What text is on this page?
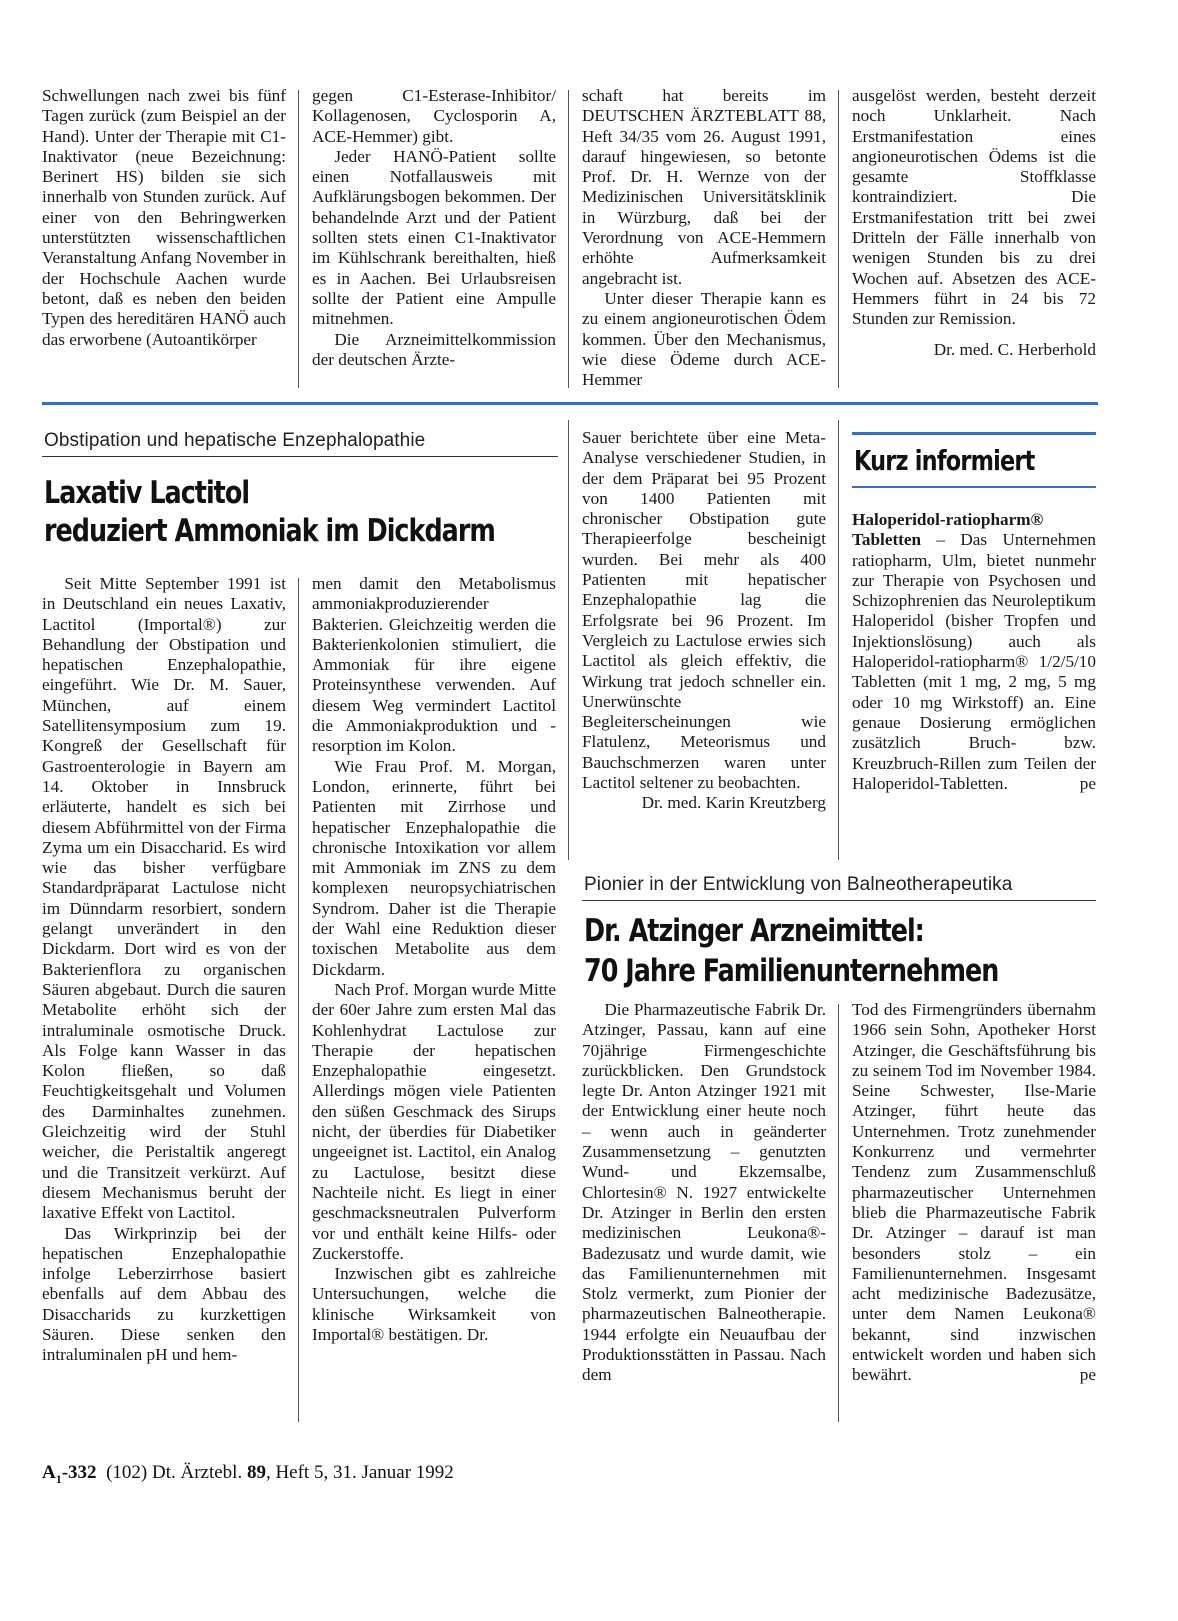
Schwellungen nach zwei bis fünf Tagen zurück (zum Beispiel an der Hand). Unter der Therapie mit C1-Inaktivator (neue Bezeichnung: Berinert HS) bilden sie sich innerhalb von Stunden zurück. Auf einer von den Behringwerken unterstützten wissenschaftlichen Veranstaltung Anfang November in der Hochschule Aachen wurde betont, daß es neben den beiden Typen des hereditären HANÖ auch das erworbene (Autoantikörper

gegen C1-Esterase-Inhibitor/ Kollagenosen, Cyclosporin A, ACE-Hemmer) gibt.

Jeder HANÖ-Patient sollte einen Notfallausweis mit Aufklärungsbogen bekommen. Der behandelnde Arzt und der Patient sollten stets einen C1-Inaktivator im Kühlschrank bereithalten, hieß es in Aachen. Bei Urlaubsreisen sollte der Patient eine Ampulle mitnehmen.

Die Arzneimittelkommission der deutschen Ärzte-

schaft hat bereits im DEUTSCHEN ÄRZTEBLATT 88, Heft 34/35 vom 26. August 1991, darauf hingewiesen, so betonte Prof. Dr. H. Wernze von der Medizinischen Universitätsklinik in Würzburg, daß bei der Verordnung von ACE-Hemmern erhöhte Aufmerksamkeit angebracht ist.

Unter dieser Therapie kann es zu einem angioneurotischen Ödem kommen. Über den Mechanismus, wie diese Ödeme durch ACE-Hemmer

ausgelöst werden, besteht derzeit noch Unklarheit. Nach Erstmanifestation eines angioneurotischen Ödems ist die gesamte Stoffklasse kontraindiziert. Die Erstmanifestation tritt bei zwei Dritteln der Fälle innerhalb von wenigen Stunden bis zu drei Wochen auf. Absetzen des ACE-Hemmers führt in 24 bis 72 Stunden zur Remission.

Dr. med. C. Herberhold

Obstipation und hepatische Enzephalopathie
Laxativ Lactitol
reduziert Ammoniak im Dickdarm

Seit Mitte September 1991 ist in Deutschland ein neues Laxativ, Lactitol (Importal®) zur Behandlung der Obstipation und hepatischen Enzephalopathie, eingeführt. Wie Dr. M. Sauer, München, auf einem Satellitensymposium zum 19. Kongreß der Gesellschaft für Gastroenterologie in Bayern am 14. Oktober in Innsbruck erläuterte, handelt es sich bei diesem Abführmittel von der Firma Zyma um ein Disaccharid. Es wird wie das bisher verfügbare Standardpräparat Lactulose nicht im Dünndarm resorbiert, sondern gelangt unverändert in den Dickdarm. Dort wird es von der Bakterienflora zu organischen Säuren abgebaut. Durch die sauren Metabolite erhöht sich der intraluminale osmotische Druck. Als Folge kann Wasser in das Kolon fließen, so daß Feuchtigkeitsgehalt und Volumen des Darminhaltes zunehmen. Gleichzeitig wird der Stuhl weicher, die Peristaltik angeregt und die Transitzeit verkürzt. Auf diesem Mechanismus beruht der laxative Effekt von Lactitol.

Das Wirkprinzip bei der hepatischen Enzephalopathie infolge Leberzirrhose basiert ebenfalls auf dem Abbau des Disaccharids zu kurzkettigen Säuren. Diese senken den intraluminalen pH und hem-

men damit den Metabolismus ammoniakproduzierender Bakterien. Gleichzeitig werden die Bakterienkolonien stimuliert, die Ammoniak für ihre eigene Proteinsynthese verwenden. Auf diesem Weg vermindert Lactitol die Ammoniakproduktion und -resorption im Kolon.

Wie Frau Prof. M. Morgan, London, erinnerte, führt bei Patienten mit Zirrhose und hepatischer Enzephalopathie die chronische Intoxikation vor allem mit Ammoniak im ZNS zu dem komplexen neuropsychiatrischen Syndrom. Daher ist die Therapie der Wahl eine Reduktion dieser toxischen Metabolite aus dem Dickdarm.

Nach Prof. Morgan wurde Mitte der 60er Jahre zum ersten Mal das Kohlenhydrat Lactulose zur Therapie der hepatischen Enzephalopathie eingesetzt. Allerdings mögen viele Patienten den süßen Geschmack des Sirups nicht, der überdies für Diabetiker ungeeignet ist. Lactitol, ein Analog zu Lactulose, besitzt diese Nachteile nicht. Es liegt in einer geschmacksneutralen Pulverform vor und enthält keine Hilfs- oder Zuckerstoffe.

Inzwischen gibt es zahlreiche Untersuchungen, welche die klinische Wirksamkeit von Importal® bestätigen. Dr.

Sauer berichtete über eine Meta-Analyse verschiedener Studien, in der dem Präparat bei 95 Prozent von 1400 Patienten mit chronischer Obstipation gute Therapieerfolge bescheinigt wurden. Bei mehr als 400 Patienten mit hepatischer Enzephalopathie lag die Erfolgsrate bei 96 Prozent. Im Vergleich zu Lactulose erwies sich Lactitol als gleich effektiv, die Wirkung trat jedoch schneller ein. Unerwünschte Begleiterscheinungen wie Flatulenz, Meteorismus und Bauchschmerzen waren unter Lactitol seltener zu beobachten.

Dr. med. Karin Kreutzberg

Kurz informiert

Haloperidol-ratiopharm® Tabletten – Das Unternehmen ratiopharm, Ulm, bietet nunmehr zur Therapie von Psychosen und Schizophrenien das Neuroleptikum Haloperidol (bisher Tropfen und Injektionslösung) auch als Haloperidol-ratiopharm® 1/2/5/10 Tabletten (mit 1 mg, 2 mg, 5 mg oder 10 mg Wirkstoff) an. Eine genaue Dosierung ermöglichen zusätzlich Bruch- bzw. Kreuzbruch-Rillen zum Teilen der Haloperidol-Tabletten.	pe

Pionier in der Entwicklung von Balneotherapeutika
Dr. Atzinger Arzneimittel:
70 Jahre Familienunternehmen

Die Pharmazeutische Fabrik Dr. Atzinger, Passau, kann auf eine 70jährige Firmengeschichte zurückblicken. Den Grundstock legte Dr. Anton Atzinger 1921 mit der Entwicklung einer heute noch – wenn auch in geänderter Zusammensetzung – genutzten Wund- und Ekzemsalbe, Chlortesin® N. 1927 entwickelte Dr. Atzinger in Berlin den ersten medizinischen Leukona®-Badezusatz und wurde damit, wie das Familienunternehmen mit Stolz vermerkt, zum Pionier der pharmazeutischen Balneotherapie. 1944 erfolgte ein Neuaufbau der Produktionsstätten in Passau. Nach dem

Tod des Firmengründers übernahm 1966 sein Sohn, Apotheker Horst Atzinger, die Geschäftsführung bis zu seinem Tod im November 1984. Seine Schwester, Ilse-Marie Atzinger, führt heute das Unternehmen. Trotz zunehmender Konkurrenz und vermehrter Tendenz zum Zusammenschluß pharmazeutischer Unternehmen blieb die Pharmazeutische Fabrik Dr. Atzinger – darauf ist man besonders stolz – ein Familienunternehmen. Insgesamt acht medizinische Badezusätze, unter dem Namen Leukona® bekannt, sind inzwischen entwickelt worden und haben sich bewährt.	pe

$A_1-332$ (102) Dt. Ärztebl. 89, Heft 5, 31. Januar 1992
